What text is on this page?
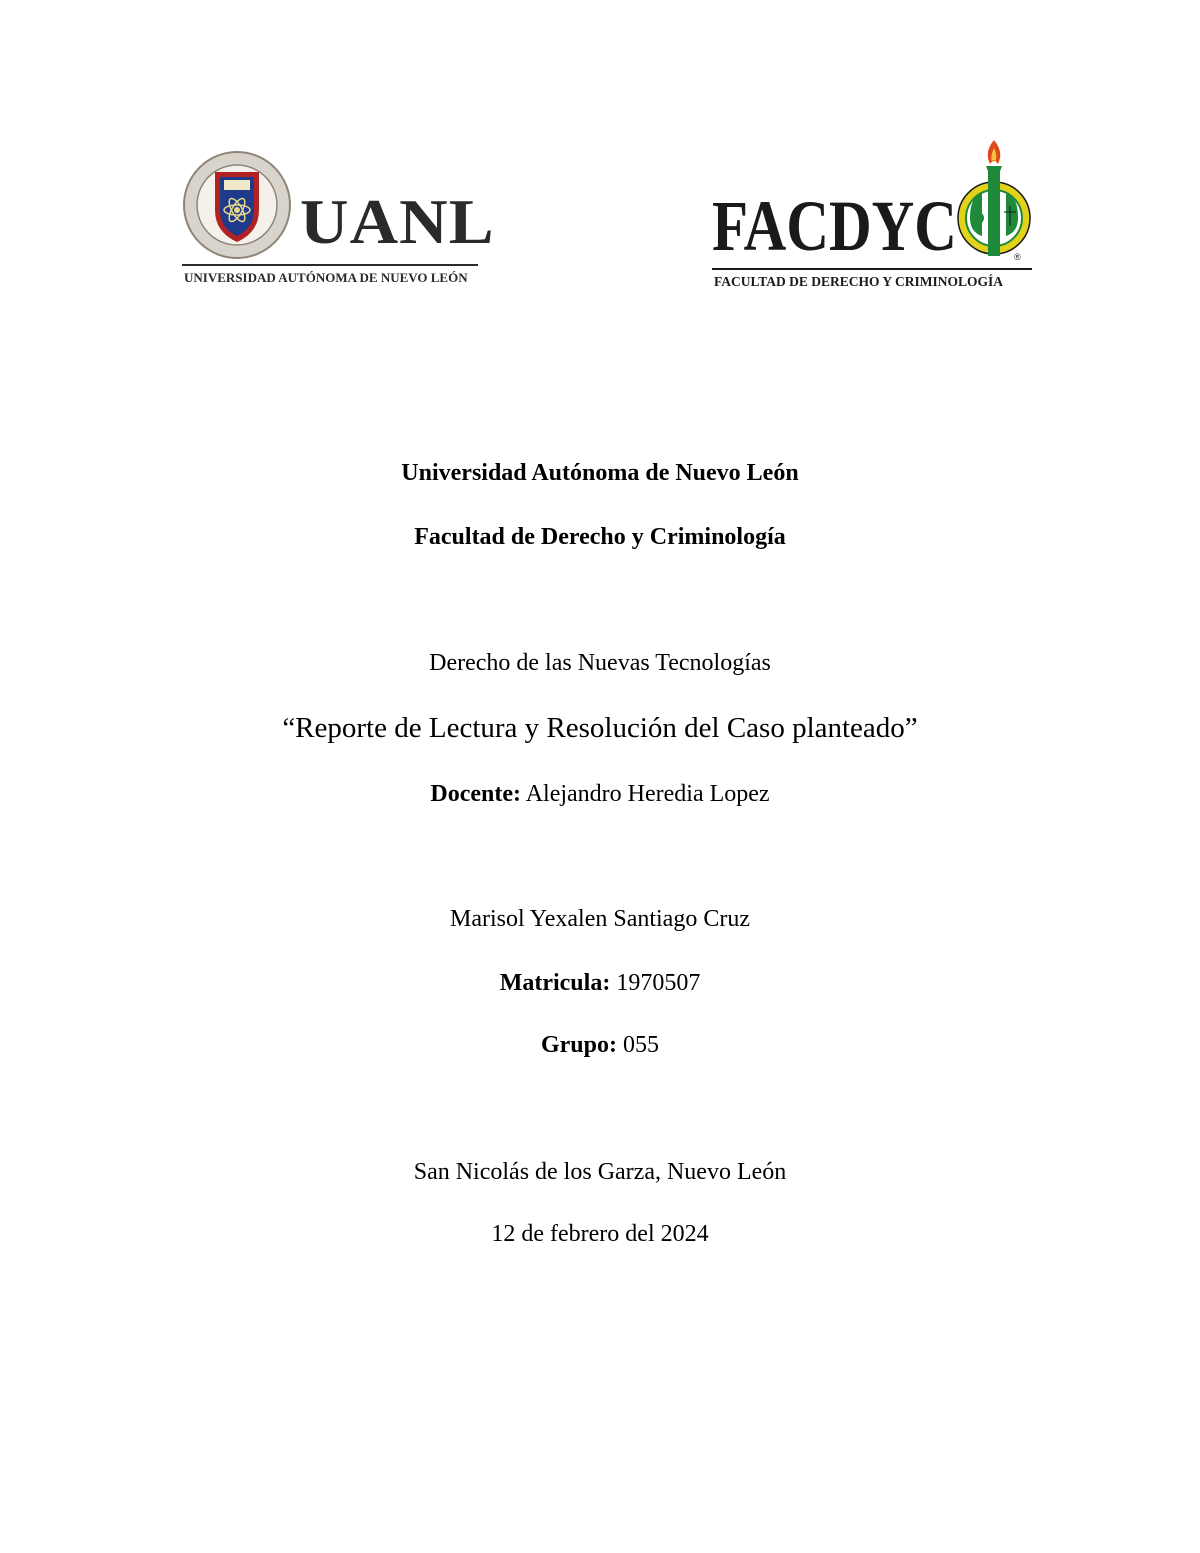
UANL
UNIVERSIDAD AUTÓNOMA DE NUEVO LEÓN
FACDYC	®
FACULTAD DE DERECHO Y CRIMINOLOGÍA
Universidad Autónoma de Nuevo León
Facultad de Derecho y Criminología
Derecho de las Nuevas Tecnologías
“Reporte de Lectura y Resolución del Caso planteado”
Docente: Alejandro Heredia Lopez
Marisol Yexalen Santiago Cruz
Matricula: 1970507
Grupo: 055
San Nicolás de los Garza, Nuevo León
12 de febrero del 2024
